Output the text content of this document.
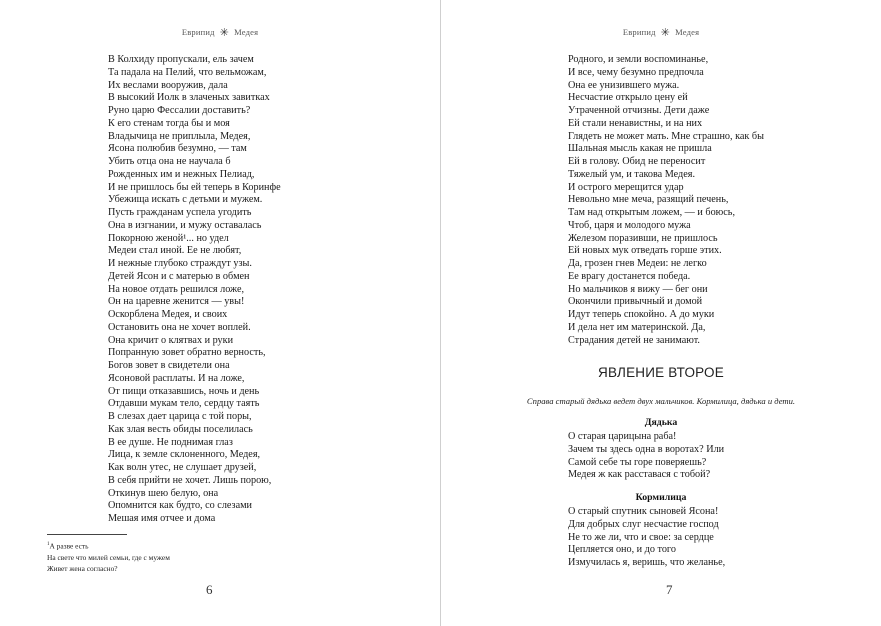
Еврипид ✳ Медея
В Колхиду пропускали, ель зачем
Та падала на Пелий, что вельможам,
Их веслами вооружив, дала
В высокий Иолк в злаченых завитках
Руно царю Фессалии доставить?
К его стенам тогда бы и моя
Владычица не приплыла, Медея,
Ясона полюбив безумно, — там
Убить отца она не научала б
Рожденных им и нежных Пелиад,
И не пришлось бы ей теперь в Коринфе
Убежища искать с детьми и мужем.
Пусть гражданам успела угодить
Она в изгнании, и мужу оставалась
Покорною женой¹... но удел
Медеи стал иной. Ее не любят,
И нежные глубоко страждут узы.
Детей Ясон и с матерью в обмен
На новое отдать решился ложе,
Он на царевне женится — увы!
Оскорблена Медея, и своих
Остановить она не хочет воплей.
Она кричит о клятвах и руки
Попранную зовет обратно верность,
Богов зовет в свидетели она
Ясоновой расплаты. И на ложе,
От пищи отказавшись, ночь и день
Отдавши мукам тело, сердцу таять
В слезах дает царица с той поры,
Как злая весть обиды поселилась
В ее душе. Не поднимая глаз
Лица, к земле склоненного, Медея,
Как волн утес, не слушает друзей,
В себя прийти не хочет. Лишь порою,
Откинув шею белую, она
Опомнится как будто, со слезами
Мешая имя отчее и дома
$^1$А разве есть
На свете что милей семьи, где с мужем
Живет жена согласно?
6
Еврипид ✳ Медея
7
Родного, и земли воспоминанье,
И все, чему безумно предпочла
Она ее унизившего мужа.
Несчастие открыло цену ей
Утраченной отчизны. Дети даже
Ей стали ненавистны, и на них
Глядеть не может мать. Мне страшно, как бы
Шальная мысль какая не пришла
Ей в голову. Обид не переносит
Тяжелый ум, и такова Медея.
И острого мерещится удар
Невольно мне меча, разящий печень,
Там над открытым ложем, — и боюсь,
Чтоб, царя и молодого мужа
Железом поразивши, не пришлось
Ей новых мук отведать горше этих.
Да, грозен гнев Медеи: не легко
Ее врагу достанется победа.
Но мальчиков я вижу — бег они
Окончили привычный и домой
Идут теперь спокойно. А до муки
И дела нет им материнской. Да,
Страдания детей не занимают.
ЯВЛЕНИЕ ВТОРОЕ
Справа старый дядька ведет двух мальчиков. Кормилица, дядька и дети.
Дядька
О старая царицына раба!
Зачем ты здесь одна в воротах? Или
Самой себе ты горе поверяешь?
Медея ж как расставася с тобой?
Кормилица
О старый спутник сыновей Ясона!
Для добрых слуг несчастие господ
Не то же ли, что и свое: за сердце
Цепляется оно, и до того
Измучилась я, веришь, что желанье,
